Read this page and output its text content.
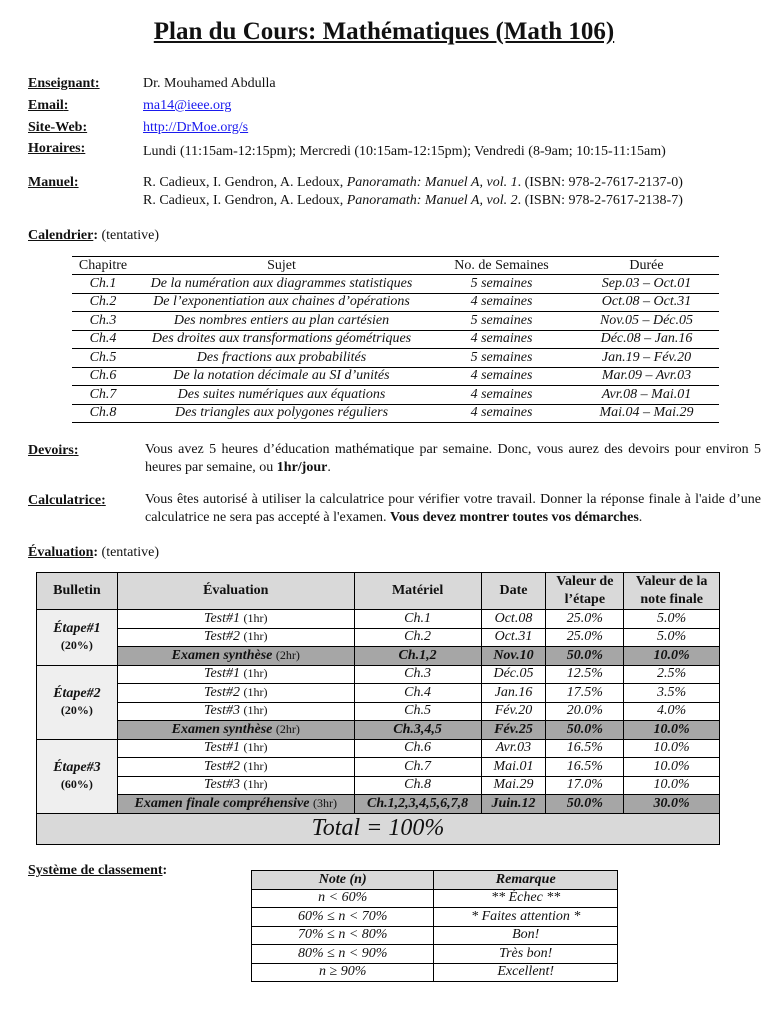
Plan du Cours: Mathématiques (Math 106)
Enseignant:	Dr. Mouhamed Abdulla
Email:	ma14@ieee.org
Site-Web:	http://DrMoe.org/s
Horaires:	Lundi (11:15am-12:15pm); Mercredi (10:15am-12:15pm); Vendredi (8-9am; 10:15-11:15am)
Manuel:	R. Cadieux, I. Gendron, A. Ledoux, Panoramath: Manuel A, vol. 1. (ISBN: 978-2-7617-2137-0)
R. Cadieux, I. Gendron, A. Ledoux, Panoramath: Manuel A, vol. 2. (ISBN: 978-2-7617-2138-7)
Calendrier: (tentative)
Chapitre	Sujet	No. de Semaines	Durée
Ch.1	De la numération aux diagrammes statistiques	5 semaines	Sep.03 – Oct.01
Ch.2	De l’exponentiation aux chaines d’opérations	4 semaines	Oct.08 – Oct.31
Ch.3	Des nombres entiers au plan cartésien	5 semaines	Nov.05 – Déc.05
Ch.4	Des droites aux transformations géométriques	4 semaines	Déc.08 – Jan.16
Ch.5	Des fractions aux probabilités	5 semaines	Jan.19 – Fév.20
Ch.6	De la notation décimale au SI d’unités	4 semaines	Mar.09 – Avr.03
Ch.7	Des suites numériques aux équations	4 semaines	Avr.08 – Mai.01
Ch.8	Des triangles aux polygones réguliers	4 semaines	Mai.04 – Mai.29
Devoirs:	Vous avez 5 heures d’éducation mathématique par semaine. Donc, vous aurez des devoirs pour environ 5 heures par semaine, ou 1hr/jour.
Calculatrice:	Vous êtes autorisé à utiliser la calculatrice pour vérifier votre travail. Donner la réponse finale à l'aide d’une calculatrice ne sera pas accepté à l'examen. Vous devez montrer toutes vos démarches.
Évaluation: (tentative)
Bulletin	Évaluation	Matériel	Date	Valeur de l’étape	Valeur de la note finale

Étape#1
(20%)	Test#1 (1hr)	Ch.1	Oct.08	25.0%	5.0%
	Test#2 (1hr)	Ch.2	Oct.31	25.0%	5.0%
	Examen synthèse (2hr)	Ch.1,2	Nov.10	50.0%	10.0%

Étape#2
(20%)	Test#1 (1hr)	Ch.3	Déc.05	12.5%	2.5%
	Test#2 (1hr)	Ch.4	Jan.16	17.5%	3.5%
	Test#3 (1hr)	Ch.5	Fév.20	20.0%	4.0%
	Examen synthèse (2hr)	Ch.3,4,5	Fév.25	50.0%	10.0%

Étape#3
(60%)	Test#1 (1hr)	Ch.6	Avr.03	16.5%	10.0%
	Test#2 (1hr)	Ch.7	Mai.01	16.5%	10.0%
	Test#3 (1hr)	Ch.8	Mai.29	17.0%	10.0%
	Examen finale compréhensive (3hr)	Ch.1,2,3,4,5,6,7,8	Juin.12	50.0%	30.0%
Total = 100%					
Système de classement:
Note (n)	Remarque
n < 60%	** Échec **
60% ≤ n < 70%	* Faites attention *
70% ≤ n < 80%	Bon!
80% ≤ n < 90%	Très bon!
n ≥ 90%	Excellent!
